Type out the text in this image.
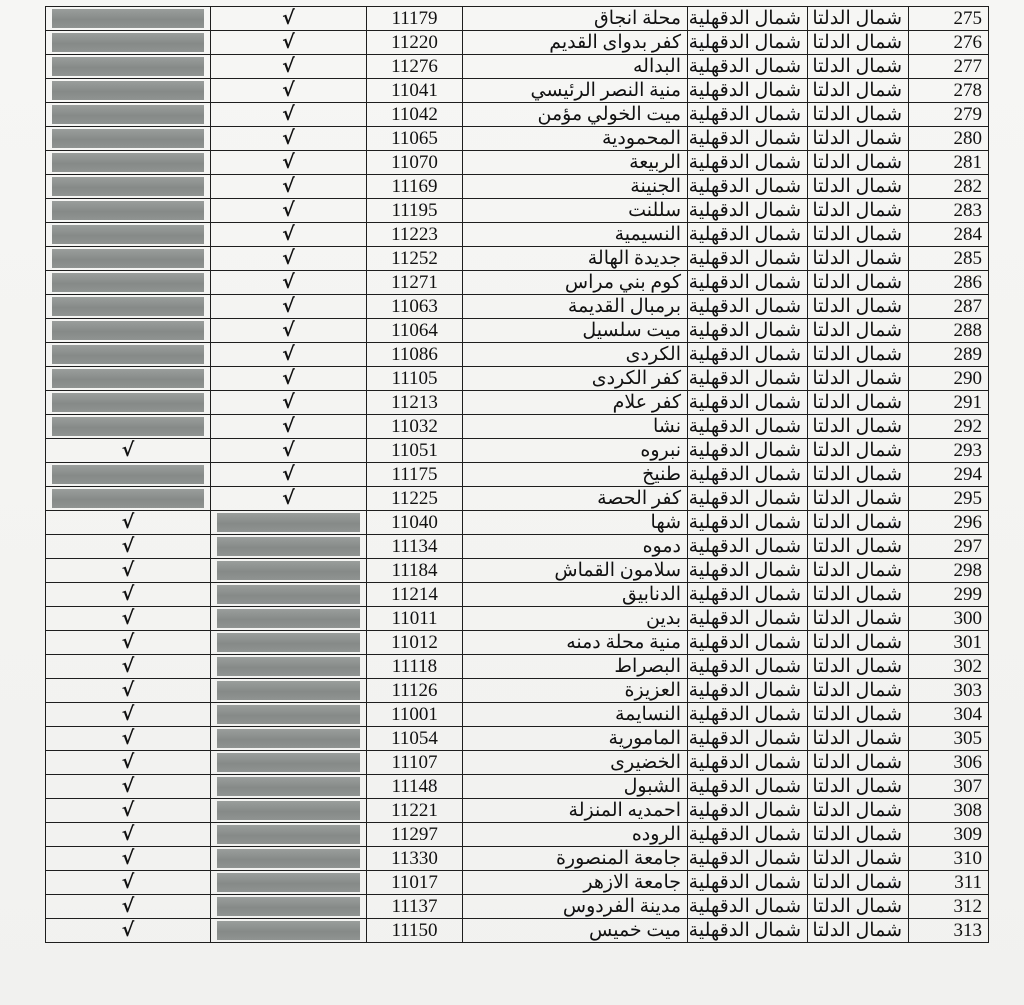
	√	11179	محلة انجاق	شمال الدقهلية	شمال الدلتا	275

	√	11220	كفر بدواى القديم	شمال الدقهلية	شمال الدلتا	276

	√	11276	البداله	شمال الدقهلية	شمال الدلتا	277

	√	11041	منية النصر الرئيسي	شمال الدقهلية	شمال الدلتا	278

	√	11042	ميت الخولي مؤمن	شمال الدقهلية	شمال الدلتا	279

	√	11065	المحمودية	شمال الدقهلية	شمال الدلتا	280

	√	11070	الربيعة	شمال الدقهلية	شمال الدلتا	281

	√	11169	الجنينة	شمال الدقهلية	شمال الدلتا	282

	√	11195	سللنت	شمال الدقهلية	شمال الدلتا	283

	√	11223	النسيمية	شمال الدقهلية	شمال الدلتا	284

	√	11252	جديدة الهالة	شمال الدقهلية	شمال الدلتا	285

	√	11271	كوم بني مراس	شمال الدقهلية	شمال الدلتا	286

	√	11063	برمبال القديمة	شمال الدقهلية	شمال الدلتا	287

	√	11064	ميت سلسيل	شمال الدقهلية	شمال الدلتا	288

	√	11086	الكردى	شمال الدقهلية	شمال الدلتا	289

	√	11105	كفر الكردى	شمال الدقهلية	شمال الدلتا	290

	√	11213	كفر علام	شمال الدقهلية	شمال الدلتا	291

	√	11032	نشا	شمال الدقهلية	شمال الدلتا	292
√	√	11051	نبروه	شمال الدقهلية	شمال الدلتا	293

	√	11175	طنيخ	شمال الدقهلية	شمال الدلتا	294

	√	11225	كفر الحصة	شمال الدقهلية	شمال الدلتا	295
√		11040	شها	شمال الدقهلية	شمال الدلتا	296
√		11134	دموه	شمال الدقهلية	شمال الدلتا	297
√		11184	سلامون القماش	شمال الدقهلية	شمال الدلتا	298
√		11214	الدنابيق	شمال الدقهلية	شمال الدلتا	299
√		11011	بدين	شمال الدقهلية	شمال الدلتا	300
√		11012	منية محلة دمنه	شمال الدقهلية	شمال الدلتا	301
√		11118	البصراط	شمال الدقهلية	شمال الدلتا	302
√		11126	العزيزة	شمال الدقهلية	شمال الدلتا	303
√		11001	النسايمة	شمال الدقهلية	شمال الدلتا	304
√		11054	المامورية	شمال الدقهلية	شمال الدلتا	305
√		11107	الخضيرى	شمال الدقهلية	شمال الدلتا	306
√		11148	الشبول	شمال الدقهلية	شمال الدلتا	307
√		11221	احمديه المنزلة	شمال الدقهلية	شمال الدلتا	308
√		11297	الروده	شمال الدقهلية	شمال الدلتا	309
√		11330	جامعة المنصورة	شمال الدقهلية	شمال الدلتا	310
√		11017	جامعة الازهر	شمال الدقهلية	شمال الدلتا	311
√		11137	مدينة الفردوس	شمال الدقهلية	شمال الدلتا	312
√		11150	ميت خميس	شمال الدقهلية	شمال الدلتا	313
